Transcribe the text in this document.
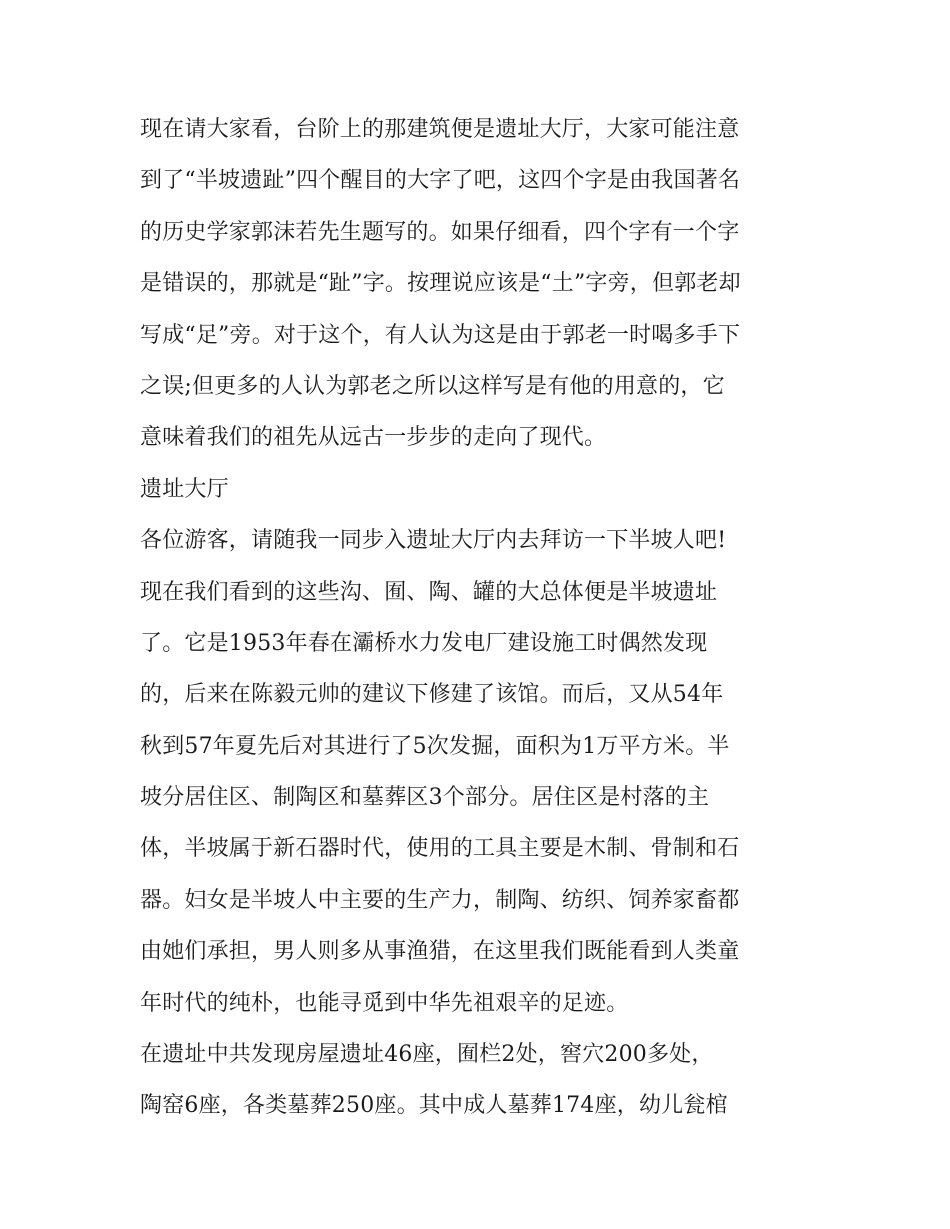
现在请大家看，台阶上的那建筑便是遗址大厅，大家可能注意
到了“半坡遗趾”四个醒目的大字了吧，这四个字是由我国著名
的历史学家郭沫若先生题写的。如果仔细看，四个字有一个字
是错误的，那就是“趾”字。按理说应该是“土”字旁，但郭老却
写成“足”旁。对于这个，有人认为这是由于郭老一时喝多手下
之误;但更多的人认为郭老之所以这样写是有他的用意的，它
意味着我们的祖先从远古一步步的走向了现代。
遗址大厅
各位游客，请随我一同步入遗址大厅内去拜访一下半坡人吧!
现在我们看到的这些沟、囿、陶、罐的大总体便是半坡遗址
了。它是1953年春在灞桥水力发电厂建设施工时偶然发现
的，后来在陈毅元帅的建议下修建了该馆。而后，又从54年
秋到57年夏先后对其进行了5次发掘，面积为1万平方米。半
坡分居住区、制陶区和墓葬区3个部分。居住区是村落的主
体，半坡属于新石器时代，使用的工具主要是木制、骨制和石
器。妇女是半坡人中主要的生产力，制陶、纺织、饲养家畜都
由她们承担，男人则多从事渔猎，在这里我们既能看到人类童
年时代的纯朴，也能寻觅到中华先祖艰辛的足迹。
在遗址中共发现房屋遗址46座，囿栏2处，窖穴200多处，
陶窑6座，各类墓葬250座。其中成人墓葬174座，幼儿瓮棺
